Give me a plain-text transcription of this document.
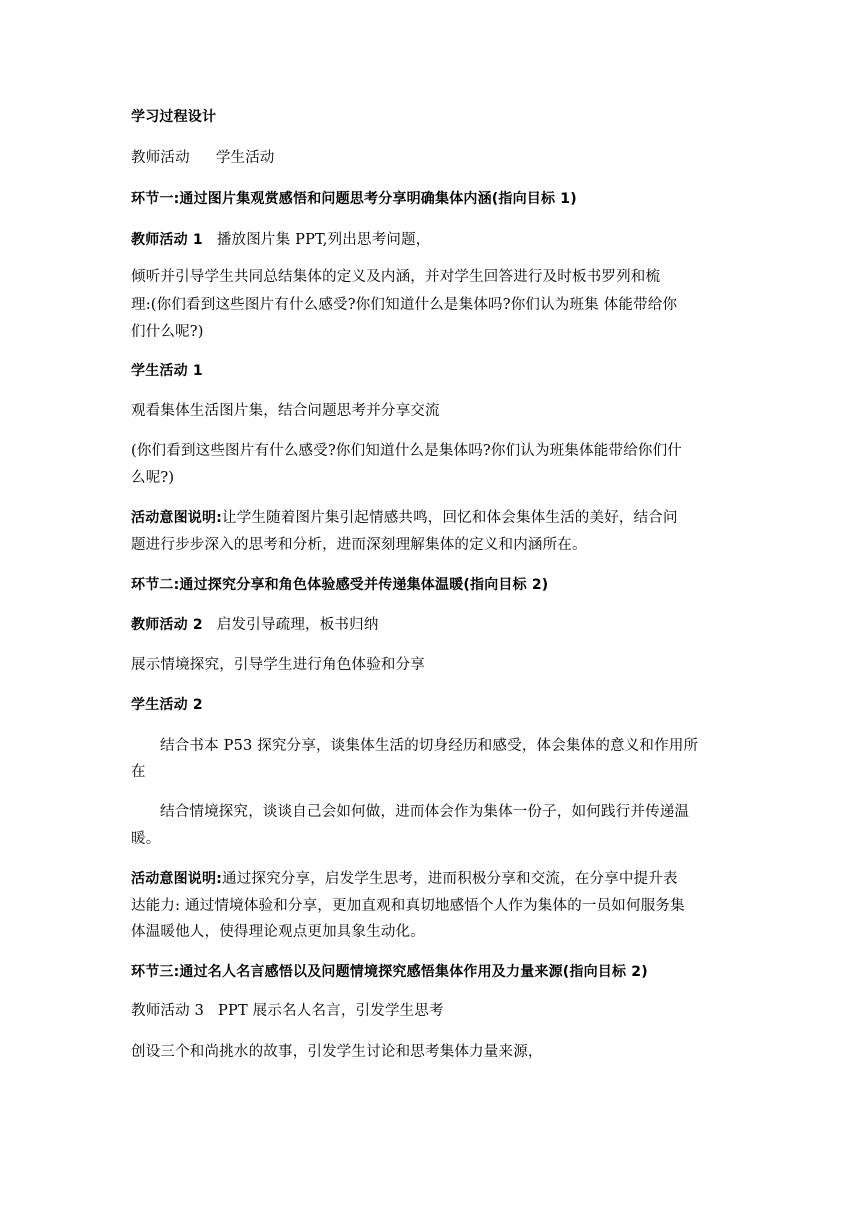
学习过程设计
教师活动 学生活动
环节一:通过图片集观赏感悟和问题思考分享明确集体内涵(指向目标 1)
教师活动 1 播放图片集 PPT,列出思考问题，
倾听并引导学生共同总结集体的定义及内涵，并对学生回答进行及时板书罗列和梳
理:(你们看到这些图片有什么感受?你们知道什么是集体吗?你们认为班集 体能带给你
们什么呢?)
学生活动 1
观看集体生活图片集，结合问题思考并分享交流
(你们看到这些图片有什么感受?你们知道什么是集体吗?你们认为班集体能带给你们什
么呢?)
活动意图说明:让学生随着图片集引起情感共鸣，回忆和体会集体生活的美好，结合问
题进行步步深入的思考和分析，进而深刻理解集体的定义和内涵所在。
环节二:通过探究分享和角色体验感受并传递集体温暖(指向目标 2)
教师活动 2 启发引导疏理，板书归纳
展示情境探究，引导学生进行角色体验和分享
学生活动 2
结合书本 P53 探究分享，谈集体生活的切身经历和感受，体会集体的意义和作用所
在
结合情境探究，谈谈自己会如何做，进而体会作为集体一份子，如何践行并传递温
暖。
活动意图说明:通过探究分享，启发学生思考，进而积极分享和交流，在分享中提升表
达能力: 通过情境体验和分享，更加直观和真切地感悟个人作为集体的一员如何服务集
体温暖他人，使得理论观点更加具象生动化。
环节三:通过名人名言感悟以及问题情境探究感悟集体作用及力量来源(指向目标 2)
教师活动 3 PPT 展示名人名言，引发学生思考
创设三个和尚挑水的故事，引发学生讨论和思考集体力量来源，
